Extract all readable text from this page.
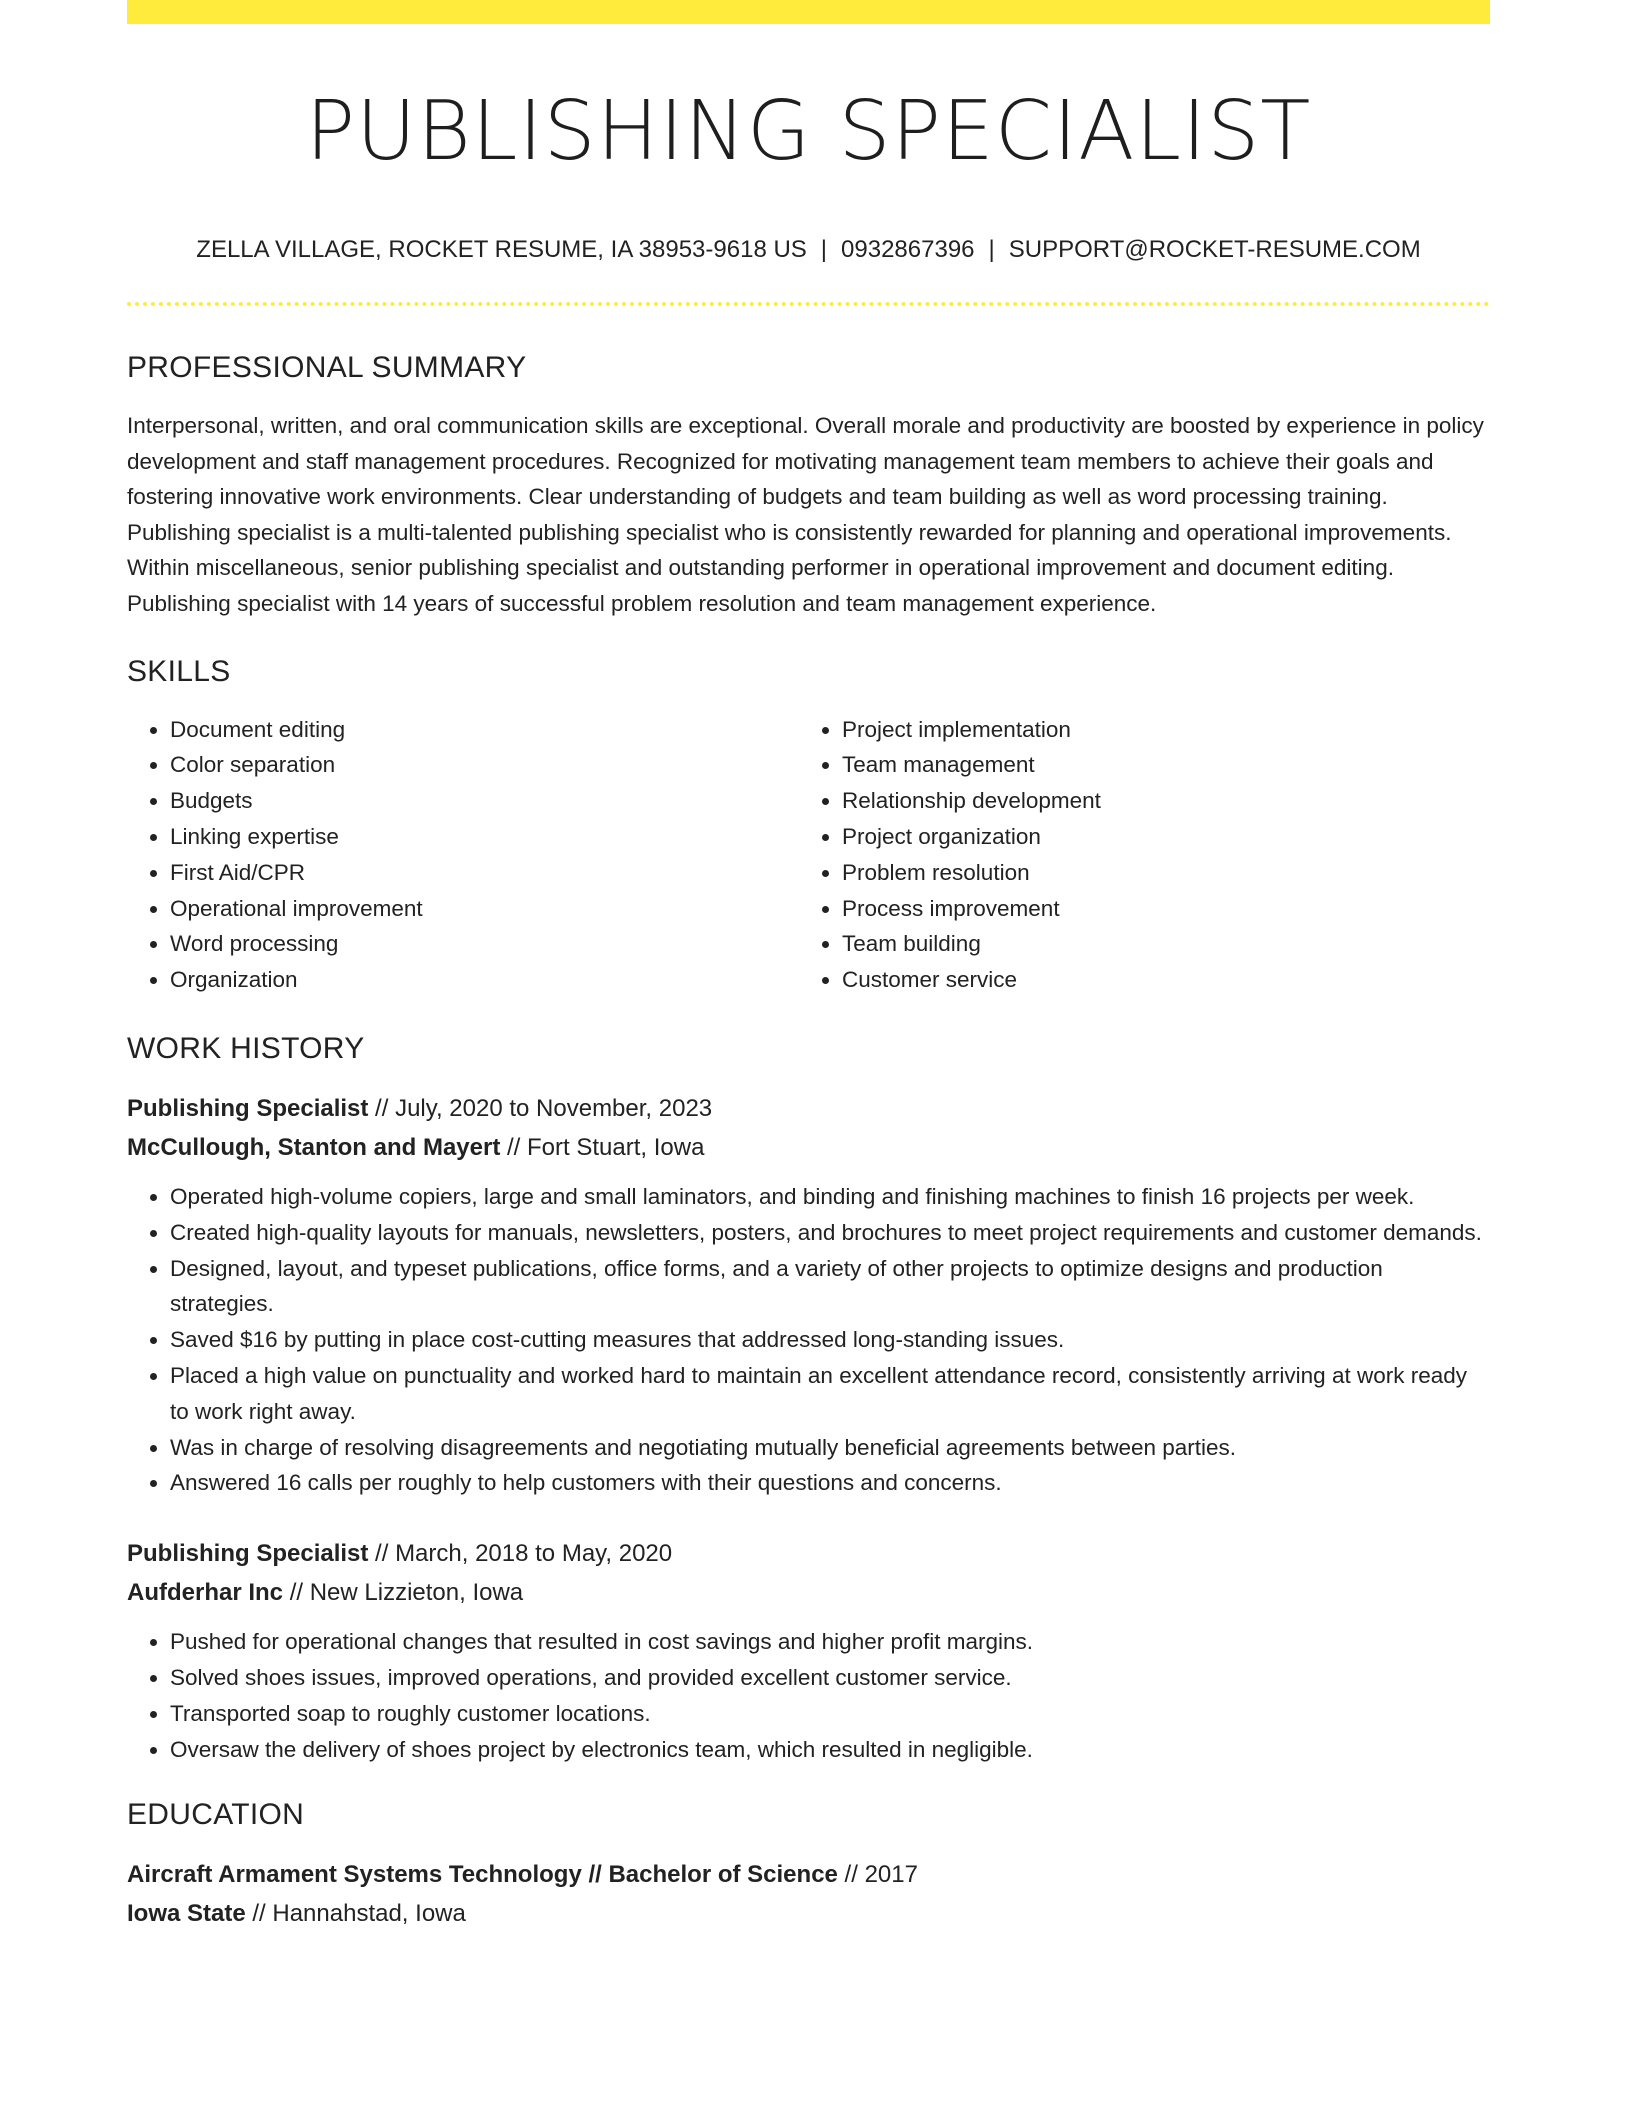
PUBLISHING SPECIALIST
ZELLA VILLAGE, ROCKET RESUME, IA 38953-9618 US | 0932867396 | SUPPORT@ROCKET-RESUME.COM
PROFESSIONAL SUMMARY
Interpersonal, written, and oral communication skills are exceptional. Overall morale and productivity are boosted by experience in policy development and staff management procedures. Recognized for motivating management team members to achieve their goals and fostering innovative work environments. Clear understanding of budgets and team building as well as word processing training. Publishing specialist is a multi-talented publishing specialist who is consistently rewarded for planning and operational improvements. Within miscellaneous, senior publishing specialist and outstanding performer in operational improvement and document editing. Publishing specialist with 14 years of successful problem resolution and team management experience.
SKILLS
• Document editing
• Color separation
• Budgets
• Linking expertise
• First Aid/CPR
• Operational improvement
• Word processing
• Organization
• Project implementation
• Team management
• Relationship development
• Project organization
• Problem resolution
• Process improvement
• Team building
• Customer service
WORK HISTORY
Publishing Specialist // July, 2020 to November, 2023
McCullough, Stanton and Mayert // Fort Stuart, Iowa
• Operated high-volume copiers, large and small laminators, and binding and finishing machines to finish 16 projects per week.
• Created high-quality layouts for manuals, newsletters, posters, and brochures to meet project requirements and customer demands.
• Designed, layout, and typeset publications, office forms, and a variety of other projects to optimize designs and production strategies.
• Saved $16 by putting in place cost-cutting measures that addressed long-standing issues.
• Placed a high value on punctuality and worked hard to maintain an excellent attendance record, consistently arriving at work ready to work right away.
• Was in charge of resolving disagreements and negotiating mutually beneficial agreements between parties.
• Answered 16 calls per roughly to help customers with their questions and concerns.
Publishing Specialist // March, 2018 to May, 2020
Aufderhar Inc // New Lizzieton, Iowa
• Pushed for operational changes that resulted in cost savings and higher profit margins.
• Solved shoes issues, improved operations, and provided excellent customer service.
• Transported soap to roughly customer locations.
• Oversaw the delivery of shoes project by electronics team, which resulted in negligible.
EDUCATION
Aircraft Armament Systems Technology // Bachelor of Science // 2017
Iowa State // Hannahstad, Iowa
